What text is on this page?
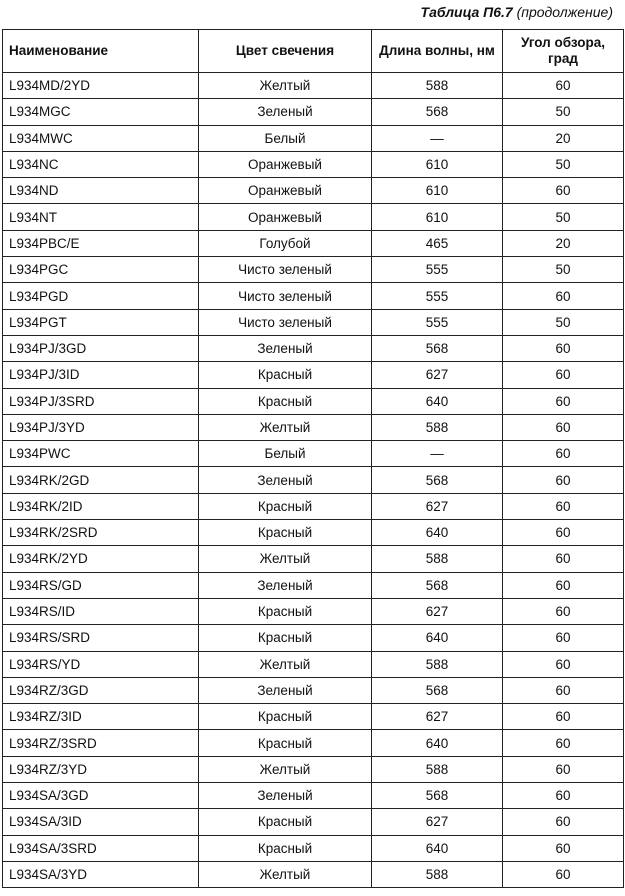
Таблица П6.7 (продолжение)
Наименование	Цвет свечения	Длина волны, нм	Угол обзора, град
L934MD/2YD	Желтый	588	60
L934MGC	Зеленый	568	50
L934MWC	Белый	—	20
L934NC	Оранжевый	610	50
L934ND	Оранжевый	610	60
L934NT	Оранжевый	610	50
L934PBC/E	Голубой	465	20
L934PGC	Чисто зеленый	555	50
L934PGD	Чисто зеленый	555	60
L934PGT	Чисто зеленый	555	50
L934PJ/3GD	Зеленый	568	60
L934PJ/3ID	Красный	627	60
L934PJ/3SRD	Красный	640	60
L934PJ/3YD	Желтый	588	60
L934PWC	Белый	—	60
L934RK/2GD	Зеленый	568	60
L934RK/2ID	Красный	627	60
L934RK/2SRD	Красный	640	60
L934RK/2YD	Желтый	588	60
L934RS/GD	Зеленый	568	60
L934RS/ID	Красный	627	60
L934RS/SRD	Красный	640	60
L934RS/YD	Желтый	588	60
L934RZ/3GD	Зеленый	568	60
L934RZ/3ID	Красный	627	60
L934RZ/3SRD	Красный	640	60
L934RZ/3YD	Желтый	588	60
L934SA/3GD	Зеленый	568	60
L934SA/3ID	Красный	627	60
L934SA/3SRD	Красный	640	60
L934SA/3YD	Желтый	588	60
